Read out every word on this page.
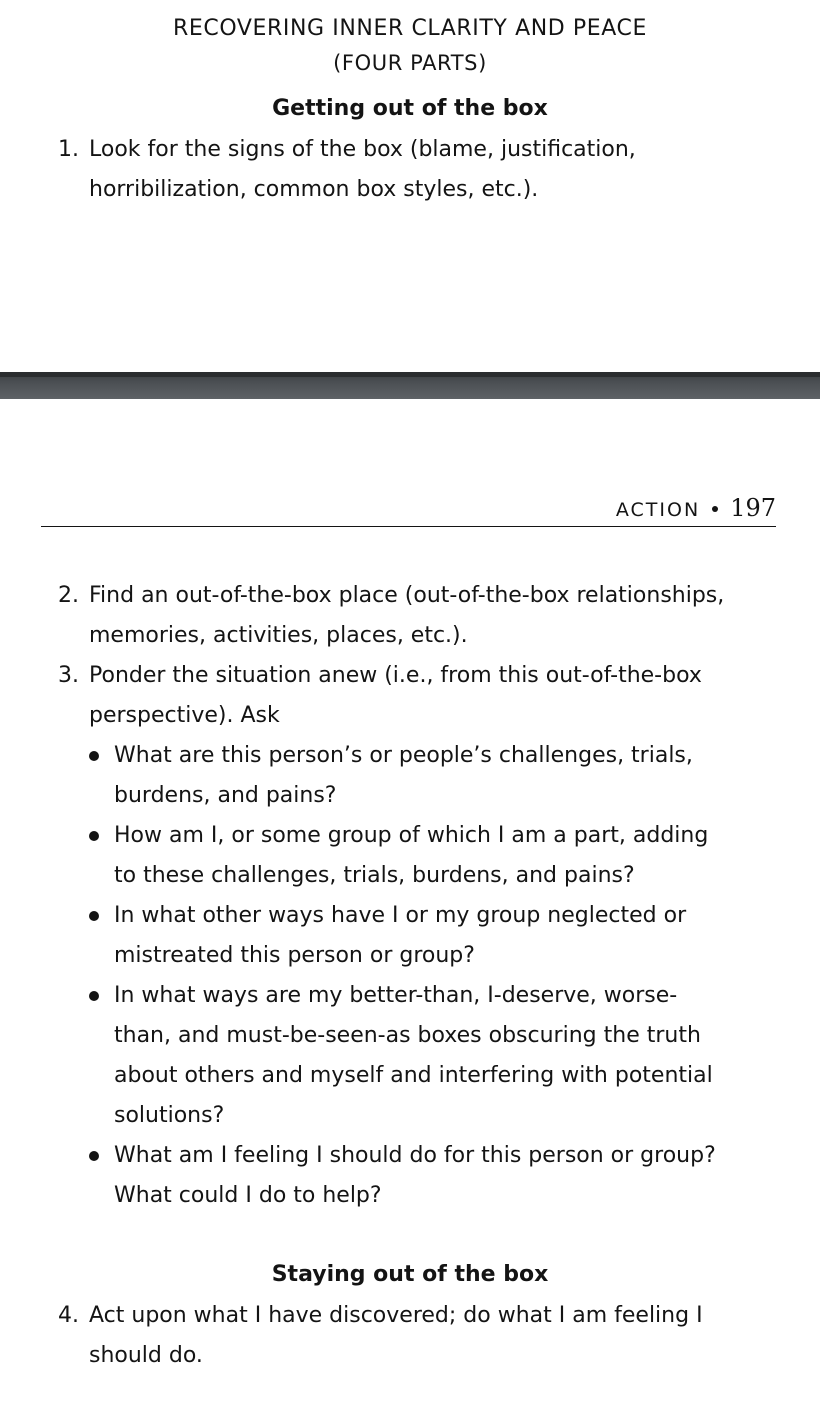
RECOVERING INNER CLARITY AND PEACE
(FOUR PARTS)
Getting out of the box
1. Look for the signs of the box (blame, justification,
horribilization, common box styles, etc.).
ACTION 197
2. Find an out-of-the-box place (out-of-the-box relationships,
memories, activities, places, etc.).
3. Ponder the situation anew (i.e., from this out-of-the-box
perspective). Ask
What are this person’s or people’s challenges, trials,
burdens, and pains?
How am I, or some group of which I am a part, adding
to these challenges, trials, burdens, and pains?
In what other ways have I or my group neglected or
mistreated this person or group?
In what ways are my better-than, I-deserve, worse-
than, and must-be-seen-as boxes obscuring the truth
about others and myself and interfering with potential
solutions?
What am I feeling I should do for this person or group?
What could I do to help?
Staying out of the box
4. Act upon what I have discovered; do what I am feeling I
should do.
